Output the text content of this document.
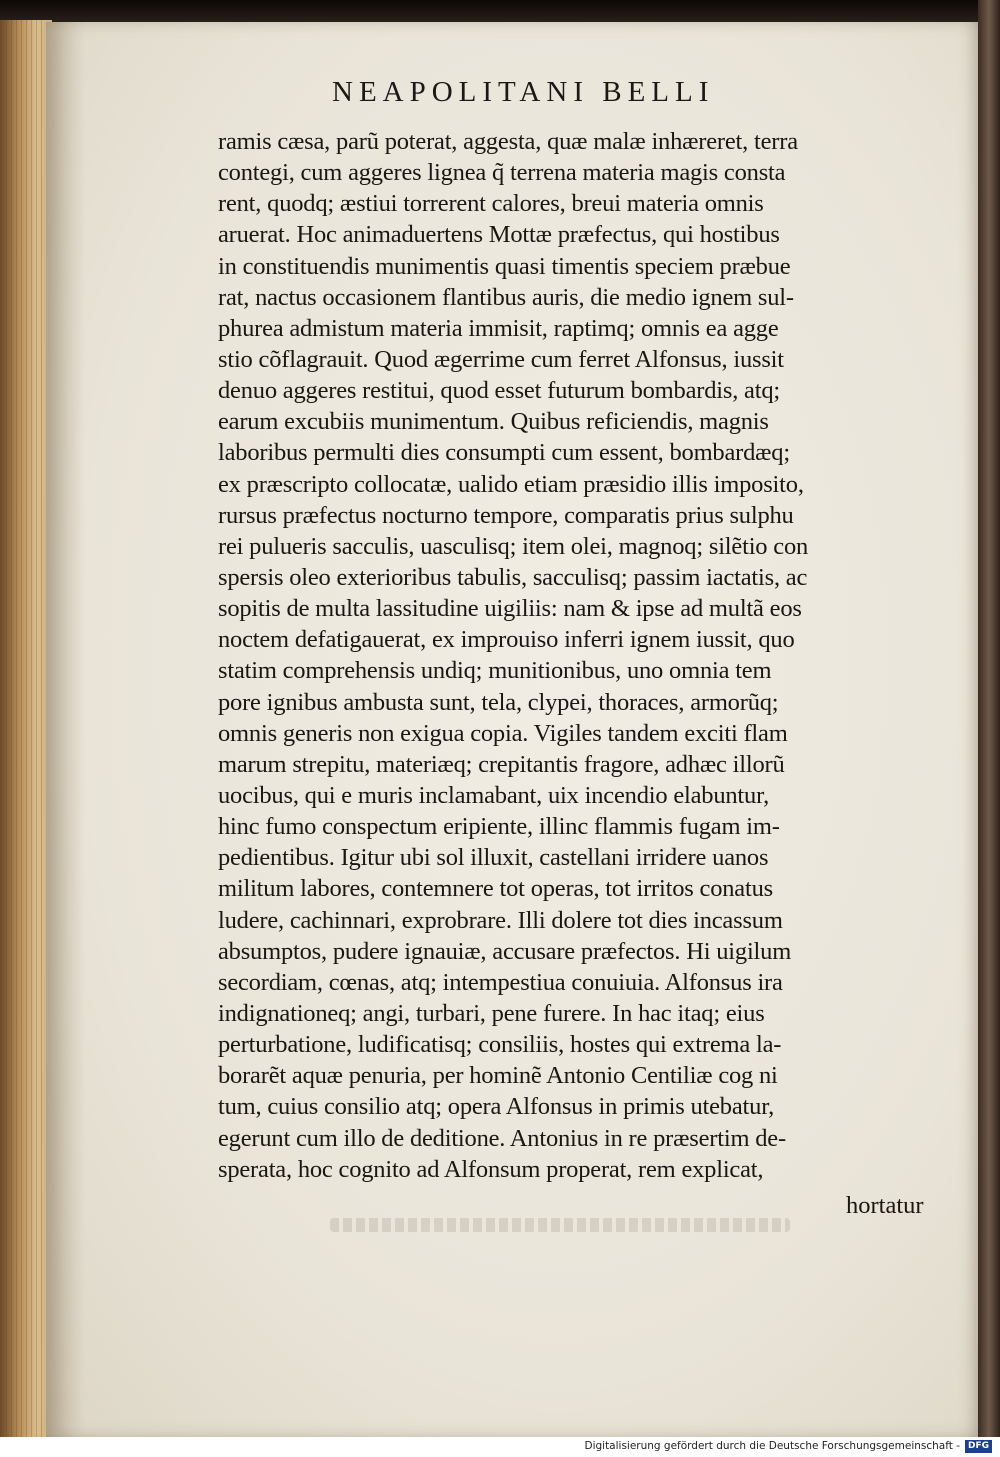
NEAPOLITANI BELLI
ramis cæsa, parũ poterat, aggesta, quæ malæ inhæreret, terra
contegi, cum aggeres lignea q̃ terrena materia magis consta
rent, quodq; æstiui torrerent calores, breui materia omnis
aruerat. Hoc animaduertens Mottæ præfectus, qui hostibus
in constituendis munimentis quasi timentis speciem præbue
rat, nactus occasionem flantibus auris, die medio ignem sul-
phurea admistum materia immisit, raptimq; omnis ea agge
stio cõflagrauit. Quod ægerrime cum ferret Alfonsus, iussit
denuo aggeres restitui, quod esset futurum bombardis, atq;
earum excubiis munimentum. Quibus reficiendis, magnis
laboribus permulti dies consumpti cum essent, bombardæq;
ex præscripto collocatæ, ualido etiam præsidio illis imposito,
rursus præfectus nocturno tempore, comparatis prius sulphu
rei pulueris sacculis, uasculisq; item olei, magnoq; silẽtio con
spersis oleo exterioribus tabulis, sacculisq; passim iactatis, ac
sopitis de multa lassitudine uigiliis: nam & ipse ad multã eos
noctem defatigauerat, ex improuiso inferri ignem iussit, quo
statim comprehensis undiq; munitionibus, uno omnia tem
pore ignibus ambusta sunt, tela, clypei, thoraces, armorũq;
omnis generis non exigua copia. Vigiles tandem exciti flam
marum strepitu, materiæq; crepitantis fragore, adhæc illorũ
uocibus, qui e muris inclamabant, uix incendio elabuntur,
hinc fumo conspectum eripiente, illinc flammis fugam im-
pedientibus. Igitur ubi sol illuxit, castellani irridere uanos
militum labores, contemnere tot operas, tot irritos conatus
ludere, cachinnari, exprobrare. Illi dolere tot dies incassum
absumptos, pudere ignauiæ, accusare præfectos. Hi uigilum
secordiam, cœnas, atq; intempestiua conuiuia. Alfonsus ira
indignationeq; angi, turbari, pene furere. In hac itaq; eius
perturbatione, ludificatisq; consiliis, hostes qui extrema la-
borarẽt aquæ penuria, per hominẽ Antonio Centiliæ cog ni
tum, cuius consilio atq; opera Alfonsus in primis utebatur,
egerunt cum illo de deditione. Antonius in re præsertim de-
sperata, hoc cognito ad Alfonsum properat, rem explicat,
hortatur
Digitalisierung gefördert durch die Deutsche Forschungsgemeinschaft - DFG
